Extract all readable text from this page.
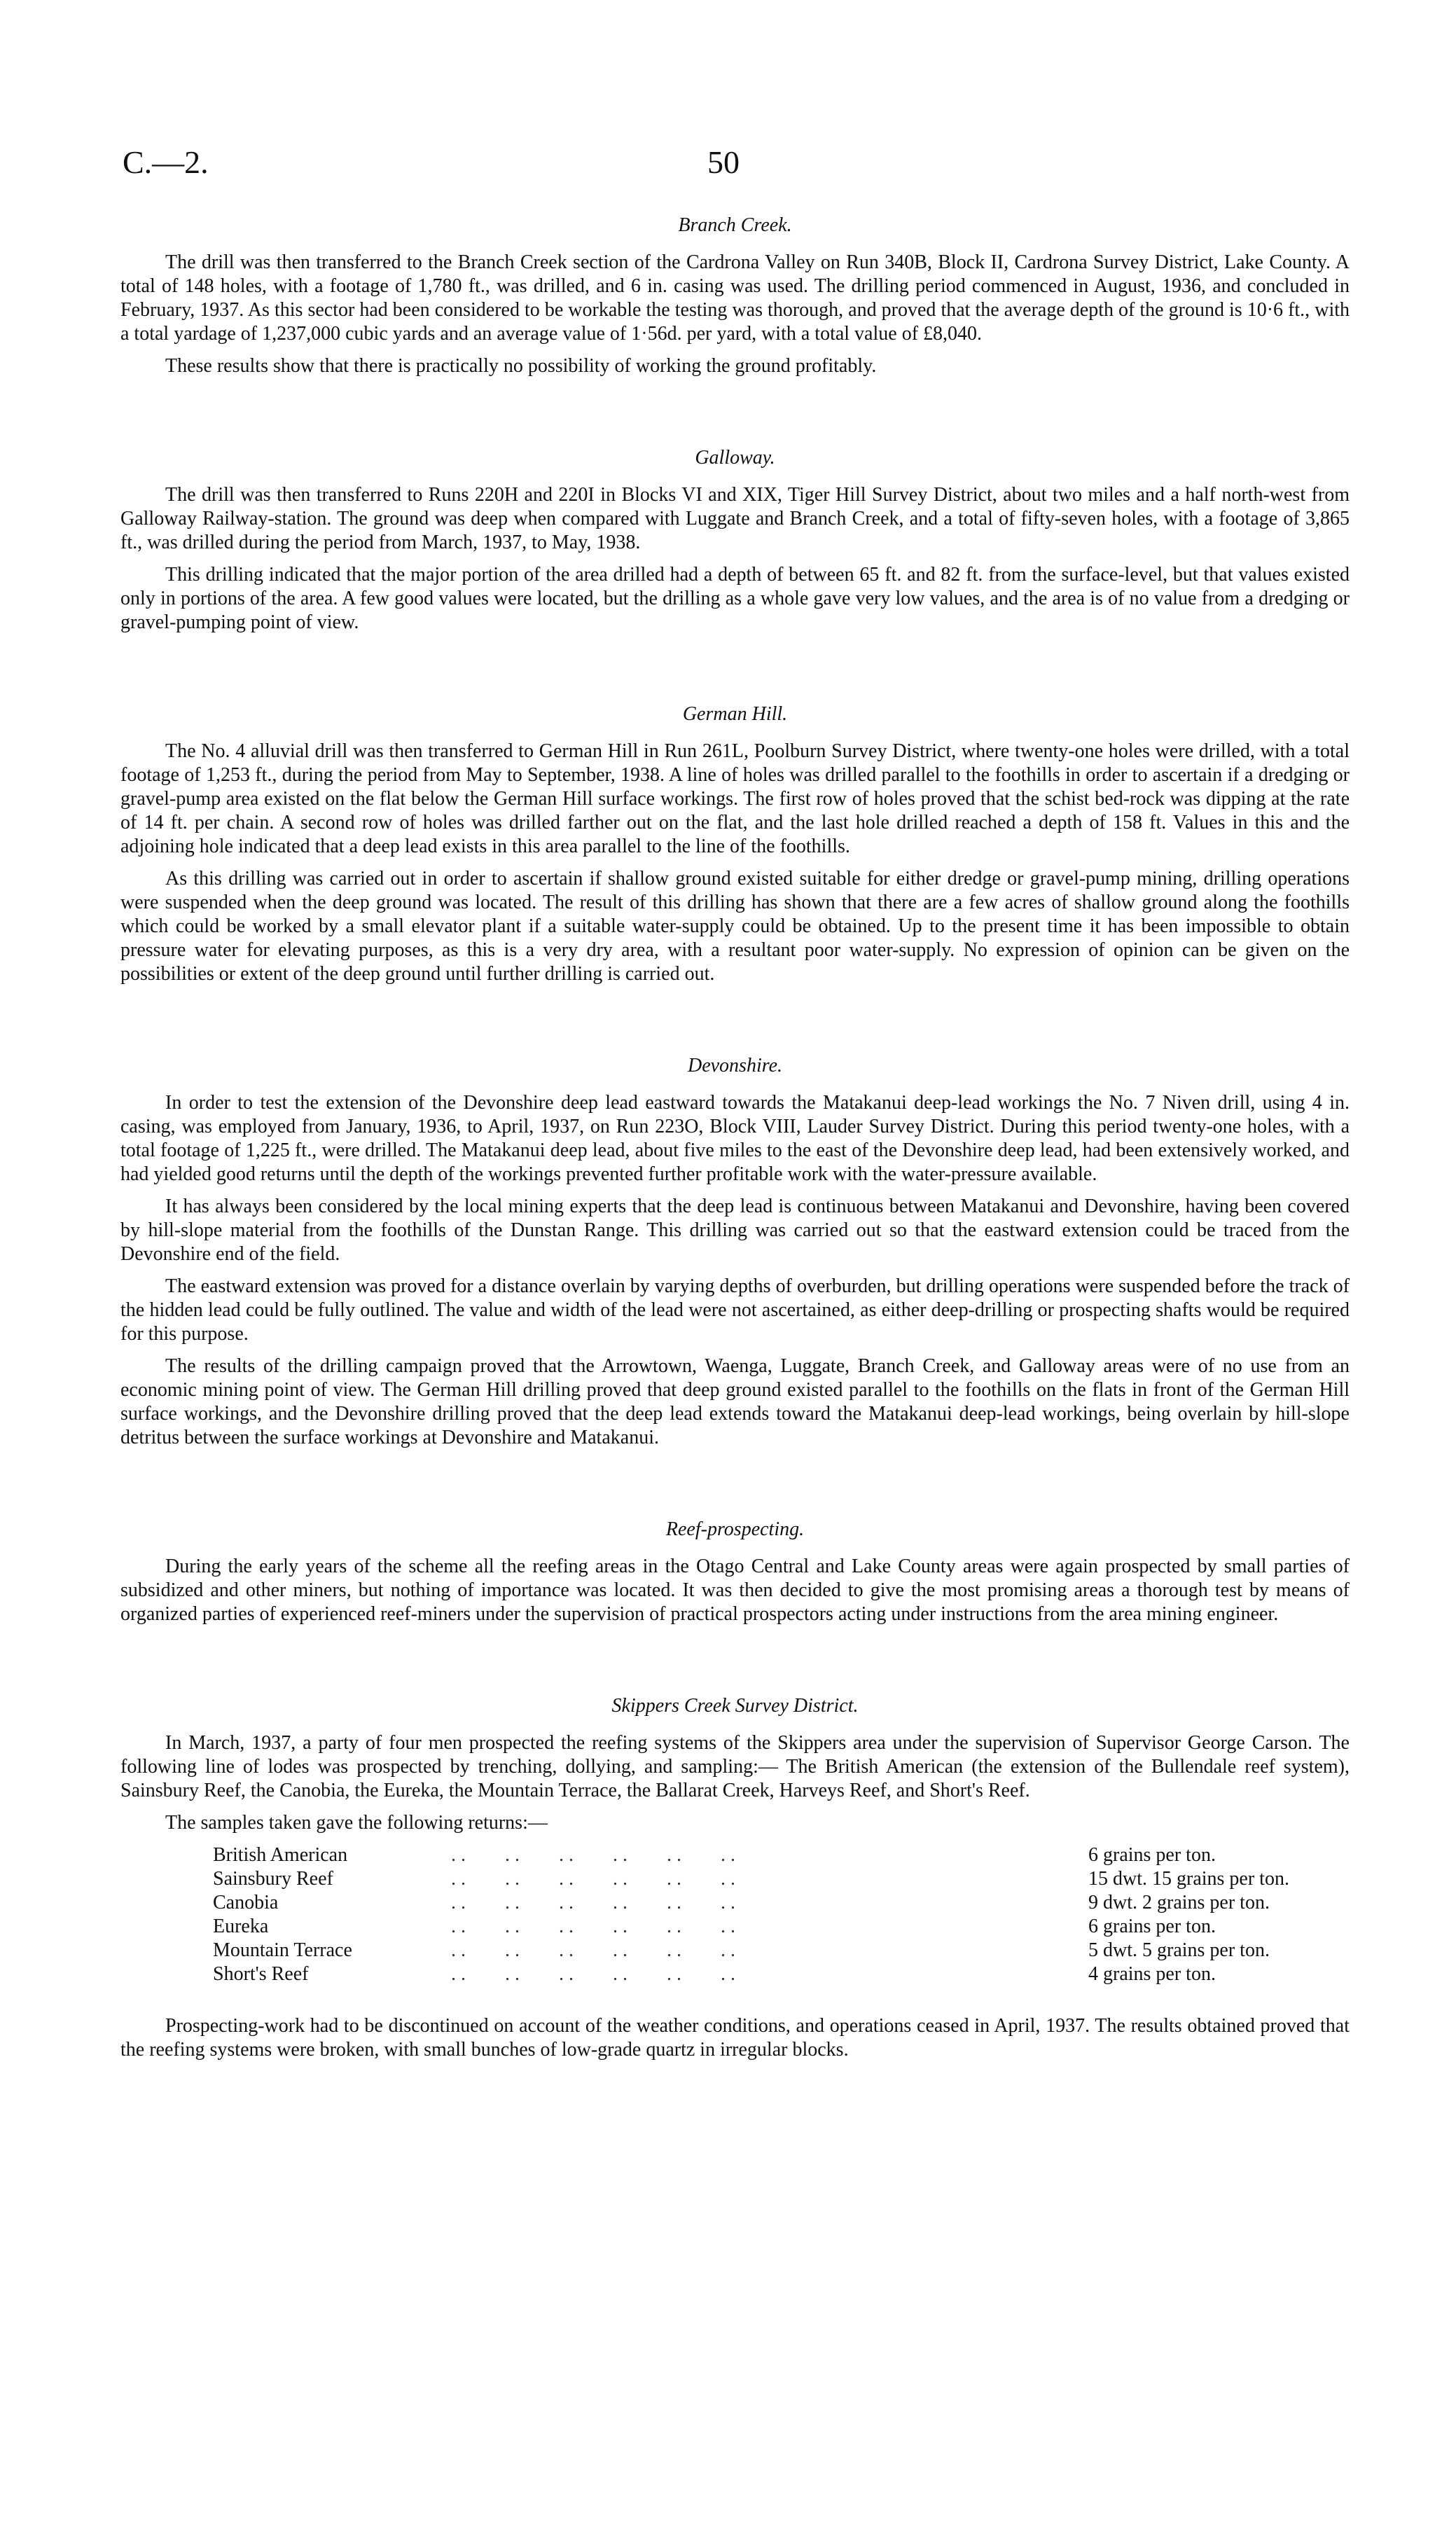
C.—2.	50
Branch Creek.

The drill was then transferred to the Branch Creek section of the Cardrona Valley on Run 340B, Block II, Cardrona Survey District, Lake County. A total of 148 holes, with a footage of 1,780 ft., was drilled, and 6 in. casing was used. The drilling period commenced in August, 1936, and concluded in February, 1937. As this sector had been considered to be workable the testing was thorough, and proved that the average depth of the ground is 10·6 ft., with a total yardage of 1,237,000 cubic yards and an average value of 1·56d. per yard, with a total value of £8,040.

These results show that there is practically no possibility of working the ground profitably.

Galloway.

The drill was then transferred to Runs 220H and 220I in Blocks VI and XIX, Tiger Hill Survey District, about two miles and a half north-west from Galloway Railway-station. The ground was deep when compared with Luggate and Branch Creek, and a total of fifty-seven holes, with a footage of 3,865 ft., was drilled during the period from March, 1937, to May, 1938.

This drilling indicated that the major portion of the area drilled had a depth of between 65 ft. and 82 ft. from the surface-level, but that values existed only in portions of the area. A few good values were located, but the drilling as a whole gave very low values, and the area is of no value from a dredging or gravel-pumping point of view.

German Hill.

The No. 4 alluvial drill was then transferred to German Hill in Run 261L, Poolburn Survey District, where twenty-one holes were drilled, with a total footage of 1,253 ft., during the period from May to September, 1938. A line of holes was drilled parallel to the foothills in order to ascertain if a dredging or gravel-pump area existed on the flat below the German Hill surface workings. The first row of holes proved that the schist bed-rock was dipping at the rate of 14 ft. per chain. A second row of holes was drilled farther out on the flat, and the last hole drilled reached a depth of 158 ft. Values in this and the adjoining hole indicated that a deep lead exists in this area parallel to the line of the foothills.

As this drilling was carried out in order to ascertain if shallow ground existed suitable for either dredge or gravel-pump mining, drilling operations were suspended when the deep ground was located. The result of this drilling has shown that there are a few acres of shallow ground along the foothills which could be worked by a small elevator plant if a suitable water-supply could be obtained. Up to the present time it has been impossible to obtain pressure water for elevating purposes, as this is a very dry area, with a resultant poor water-supply. No expression of opinion can be given on the possibilities or extent of the deep ground until further drilling is carried out.

Devonshire.

In order to test the extension of the Devonshire deep lead eastward towards the Matakanui deep-lead workings the No. 7 Niven drill, using 4 in. casing, was employed from January, 1936, to April, 1937, on Run 223O, Block VIII, Lauder Survey District. During this period twenty-one holes, with a total footage of 1,225 ft., were drilled. The Matakanui deep lead, about five miles to the east of the Devonshire deep lead, had been extensively worked, and had yielded good returns until the depth of the workings prevented further profitable work with the water-pressure available.

It has always been considered by the local mining experts that the deep lead is continuous between Matakanui and Devonshire, having been covered by hill-slope material from the foothills of the Dunstan Range. This drilling was carried out so that the eastward extension could be traced from the Devonshire end of the field.

The eastward extension was proved for a distance overlain by varying depths of overburden, but drilling operations were suspended before the track of the hidden lead could be fully outlined. The value and width of the lead were not ascertained, as either deep-drilling or prospecting shafts would be required for this purpose.

The results of the drilling campaign proved that the Arrowtown, Waenga, Luggate, Branch Creek, and Galloway areas were of no use from an economic mining point of view. The German Hill drilling proved that deep ground existed parallel to the foothills on the flats in front of the German Hill surface workings, and the Devonshire drilling proved that the deep lead extends toward the Matakanui deep-lead workings, being overlain by hill-slope detritus between the surface workings at Devonshire and Matakanui.

Reef-prospecting.

During the early years of the scheme all the reefing areas in the Otago Central and Lake County areas were again prospected by small parties of subsidized and other miners, but nothing of importance was located. It was then decided to give the most promising areas a thorough test by means of organized parties of experienced reef-miners under the supervision of practical prospectors acting under instructions from the area mining engineer.

Skippers Creek Survey District.

In March, 1937, a party of four men prospected the reefing systems of the Skippers area under the supervision of Supervisor George Carson. The following line of lodes was prospected by trenching, dollying, and sampling:— The British American (the extension of the Bullendale reef system), Sainsbury Reef, the Canobia, the Eureka, the Mountain Terrace, the Ballarat Creek, Harveys Reef, and Short's Reef.

The samples taken gave the following returns:—

British American	. .        . .        . .        . .        . .        . .	6 grains per ton.
Sainsbury Reef	. .        . .        . .        . .        . .        . .	15 dwt. 15 grains per ton.
Canobia	. .        . .        . .        . .        . .        . .	9 dwt. 2 grains per ton.
Eureka	. .        . .        . .        . .        . .        . .	6 grains per ton.
Mountain Terrace	. .        . .        . .        . .        . .        . .	5 dwt. 5 grains per ton.
Short's Reef	. .        . .        . .        . .        . .        . .	4 grains per ton.

Prospecting-work had to be discontinued on account of the weather conditions, and operations ceased in April, 1937. The results obtained proved that the reefing systems were broken, with small bunches of low-grade quartz in irregular blocks.
